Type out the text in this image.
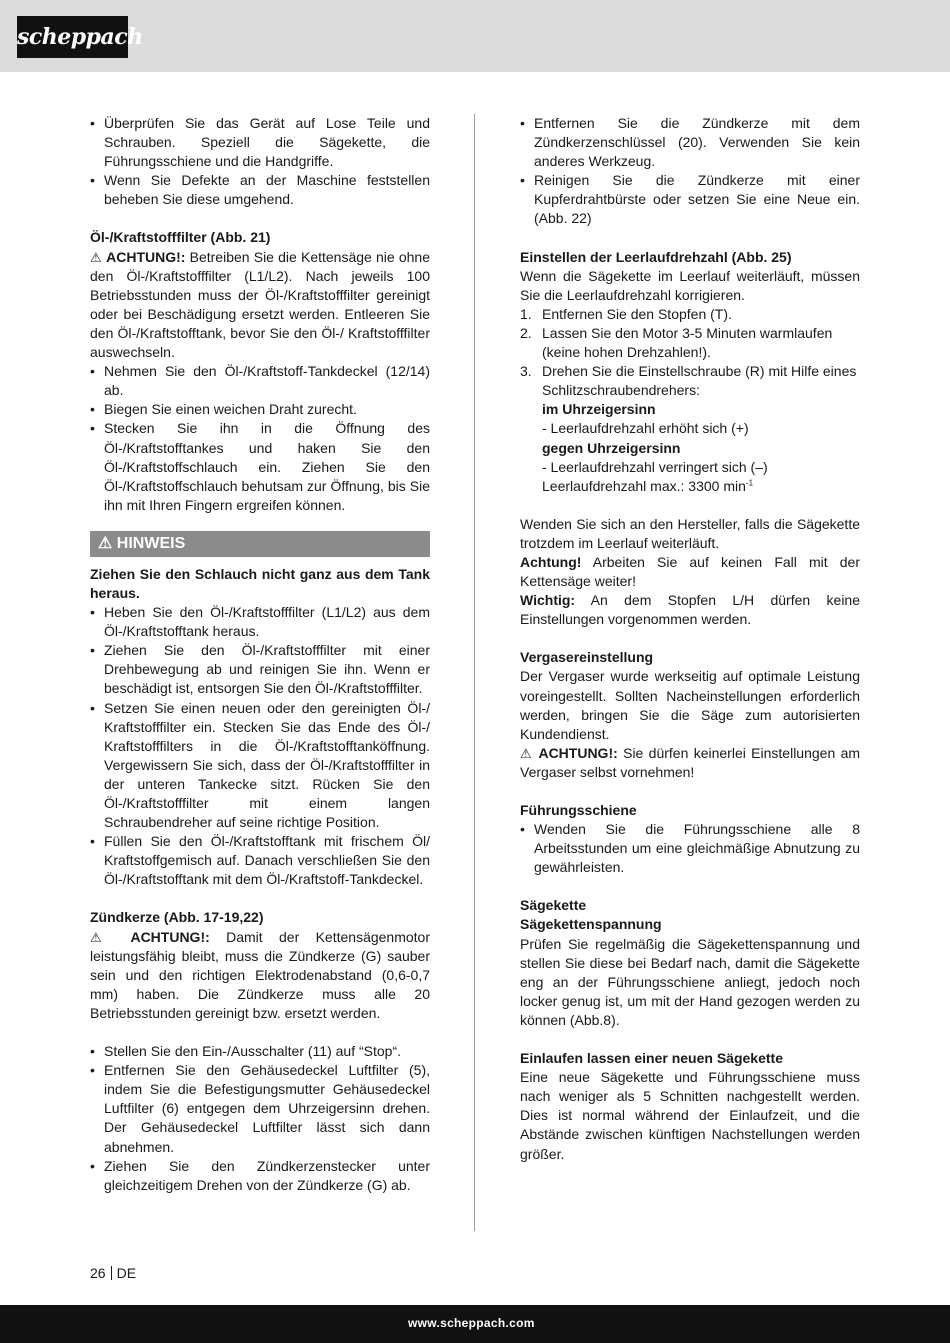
scheppach
• Überprüfen Sie das Gerät auf Lose Teile und Schrauben. Speziell die Sägekette, die Führungsschiene und die Handgriffe.
• Wenn Sie Defekte an der Maschine feststellen beheben Sie diese umgehend.

Öl-/Kraftstofffilter (Abb. 21)

⚠ ACHTUNG!: Betreiben Sie die Kettensäge nie ohne den Öl-/Kraftstofffilter (L1/L2). Nach jeweils 100 Betriebsstunden muss der Öl-/Kraftstofffilter gereinigt oder bei Beschädigung ersetzt werden. Entleeren Sie den Öl-/Kraftstofftank, bevor Sie den Öl-/ Kraftstofffilter auswechseln.

• Nehmen Sie den Öl-/Kraftstoff-Tankdeckel (12/14) ab.
• Biegen Sie einen weichen Draht zurecht.
• Stecken Sie ihn in die Öffnung des Öl-/Kraftstofftankes und haken Sie den Öl-/Kraftstoffschlauch ein. Ziehen Sie den Öl-/Kraftstoffschlauch behutsam zur Öffnung, bis Sie ihn mit Ihren Fingern ergreifen können.
⚠ HINWEIS

Ziehen Sie den Schlauch nicht ganz aus dem Tank heraus.

• Heben Sie den Öl-/Kraftstofffilter (L1/L2) aus dem Öl-/Kraftstofftank heraus.
• Ziehen Sie den Öl-/Kraftstofffilter mit einer Drehbewegung ab und reinigen Sie ihn. Wenn er beschädigt ist, entsorgen Sie den Öl-/Kraftstofffilter.
• Setzen Sie einen neuen oder den gereinigten Öl-/ Kraftstofffilter ein. Stecken Sie das Ende des Öl-/ Kraftstofffilters in die Öl-/Kraftstofftanköffnung. Vergewissern Sie sich, dass der Öl-/Kraftstofffilter in der unteren Tankecke sitzt. Rücken Sie den Öl-/Kraftstofffilter mit einem langen Schraubendreher auf seine richtige Position.
• Füllen Sie den Öl-/Kraftstofftank mit frischem Öl/ Kraftstoffgemisch auf. Danach verschließen Sie den Öl-/Kraftstofftank mit dem Öl-/Kraftstoff-Tankdeckel.

Zündkerze (Abb. 17-19,22)

⚠ ACHTUNG!: Damit der Kettensägenmotor leistungsfähig bleibt, muss die Zündkerze (G) sauber sein und den richtigen Elektrodenabstand (0,6-0,7 mm) haben. Die Zündkerze muss alle 20 Betriebsstunden gereinigt bzw. ersetzt werden.

• Stellen Sie den Ein-/Ausschalter (11) auf “Stop“.
• Entfernen Sie den Gehäusedeckel Luftfilter (5), indem Sie die Befestigungsmutter Gehäusedeckel Luftfilter (6) entgegen dem Uhrzeigersinn drehen. Der Gehäusedeckel Luftfilter lässt sich dann abnehmen.
• Ziehen Sie den Zündkerzenstecker unter gleichzeitigem Drehen von der Zündkerze (G) ab.
• Entfernen Sie die Zündkerze mit dem Zündkerzenschlüssel (20). Verwenden Sie kein anderes Werkzeug.
• Reinigen Sie die Zündkerze mit einer Kupferdrahtbürste oder setzen Sie eine Neue ein. (Abb. 22)

Einstellen der Leerlaufdrehzahl (Abb. 25)

Wenn die Sägekette im Leerlauf weiterläuft, müssen Sie die Leerlaufdrehzahl korrigieren.

1. Entfernen Sie den Stopfen (T).
2. Lassen Sie den Motor 3-5 Minuten warmlaufen (keine hohen Drehzahlen!).
3. Drehen Sie die Einstellschraube (R) mit Hilfe eines Schlitzschraubendrehers:
im Uhrzeigersinn
- Leerlaufdrehzahl erhöht sich (+)
gegen Uhrzeigersinn
- Leerlaufdrehzahl verringert sich (–)
Leerlaufdrehzahl max.: 3300 $\min^{-1}$

Wenden Sie sich an den Hersteller, falls die Sägekette trotzdem im Leerlauf weiterläuft.

Achtung! Arbeiten Sie auf keinen Fall mit der Kettensäge weiter!

Wichtig: An dem Stopfen L/H dürfen keine Einstellungen vorgenommen werden.

Vergasereinstellung

Der Vergaser wurde werkseitig auf optimale Leistung voreingestellt. Sollten Nacheinstellungen erforderlich werden, bringen Sie die Säge zum autorisierten Kundendienst.

⚠ ACHTUNG!: Sie dürfen keinerlei Einstellungen am Vergaser selbst vornehmen!

Führungsschiene

• Wenden Sie die Führungsschiene alle 8 Arbeitsstunden um eine gleichmäßige Abnutzung zu gewährleisten.

Sägekette

Sägekettenspannung

Prüfen Sie regelmäßig die Sägekettenspannung und stellen Sie diese bei Bedarf nach, damit die Sägekette eng an der Führungsschiene anliegt, jedoch noch locker genug ist, um mit der Hand gezogen werden zu können (Abb.8).

Einlaufen lassen einer neuen Sägekette

Eine neue Sägekette und Führungsschiene muss nach weniger als 5 Schnitten nachgestellt werden. Dies ist normal während der Einlaufzeit, und die Abstände zwischen künftigen Nachstellungen werden größer.

26 DE
www.scheppach.com
